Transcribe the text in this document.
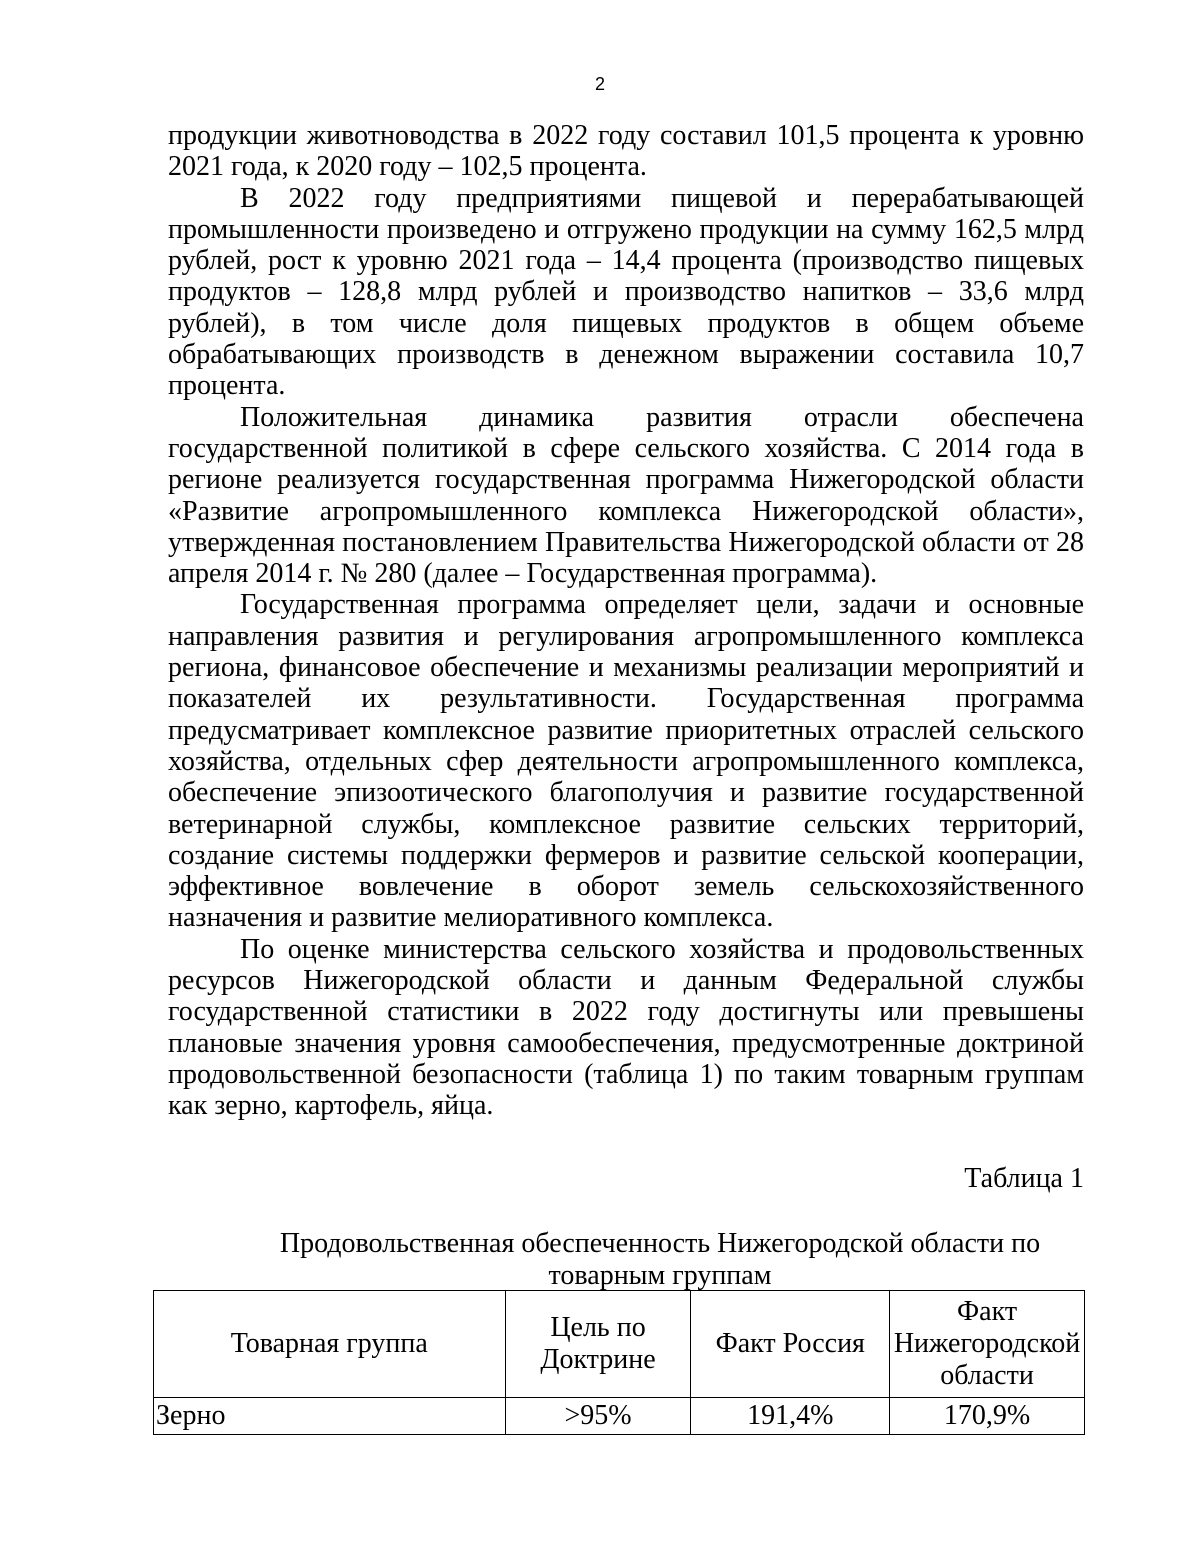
2

продукции животноводства в 2022 году составил 101,5 процента к уровню 2021 года, к 2020 году – 102,5 процента.

В 2022 году предприятиями пищевой и перерабатывающей промышленности произведено и отгружено продукции на сумму 162,5 млрд рублей, рост к уровню 2021 года – 14,4 процента (производство пищевых продуктов – 128,8 млрд рублей и производство напитков – 33,6 млрд рублей), в том числе доля пищевых продуктов в общем объеме обрабатывающих производств в денежном выражении составила 10,7 процента.

Положительная динамика развития отрасли обеспечена государственной политикой в сфере сельского хозяйства. С 2014 года в регионе реализуется государственная программа Нижегородской области «Развитие агропромышленного комплекса Нижегородской области», утвержденная постановлением Правительства Нижегородской области от 28 апреля 2014 г. № 280 (далее – Государственная программа).

Государственная программа определяет цели, задачи и основные направления развития и регулирования агропромышленного комплекса региона, финансовое обеспечение и механизмы реализации мероприятий и показателей их результативности. Государственная программа предусматривает комплексное развитие приоритетных отраслей сельского хозяйства, отдельных сфер деятельности агропромышленного комплекса, обеспечение эпизоотического благополучия и развитие государственной ветеринарной службы, комплексное развитие сельских территорий, создание системы поддержки фермеров и развитие сельской кооперации, эффективное вовлечение в оборот земель сельскохозяйственного назначения и развитие мелиоративного комплекса.

По оценке министерства сельского хозяйства и продовольственных ресурсов Нижегородской области и данным Федеральной службы государственной статистики в 2022 году достигнуты или превышены плановые значения уровня самообеспечения, предусмотренные доктриной продовольственной безопасности (таблица 1) по таким товарным группам как зерно, картофель, яйца.

Таблица 1
Продовольственная обеспеченность Нижегородской области по товарным группам
Товарная группа	Цель по Доктрине	Факт Россия	Факт Нижегородской области
Зерно	>95%	191,4%	170,9%
